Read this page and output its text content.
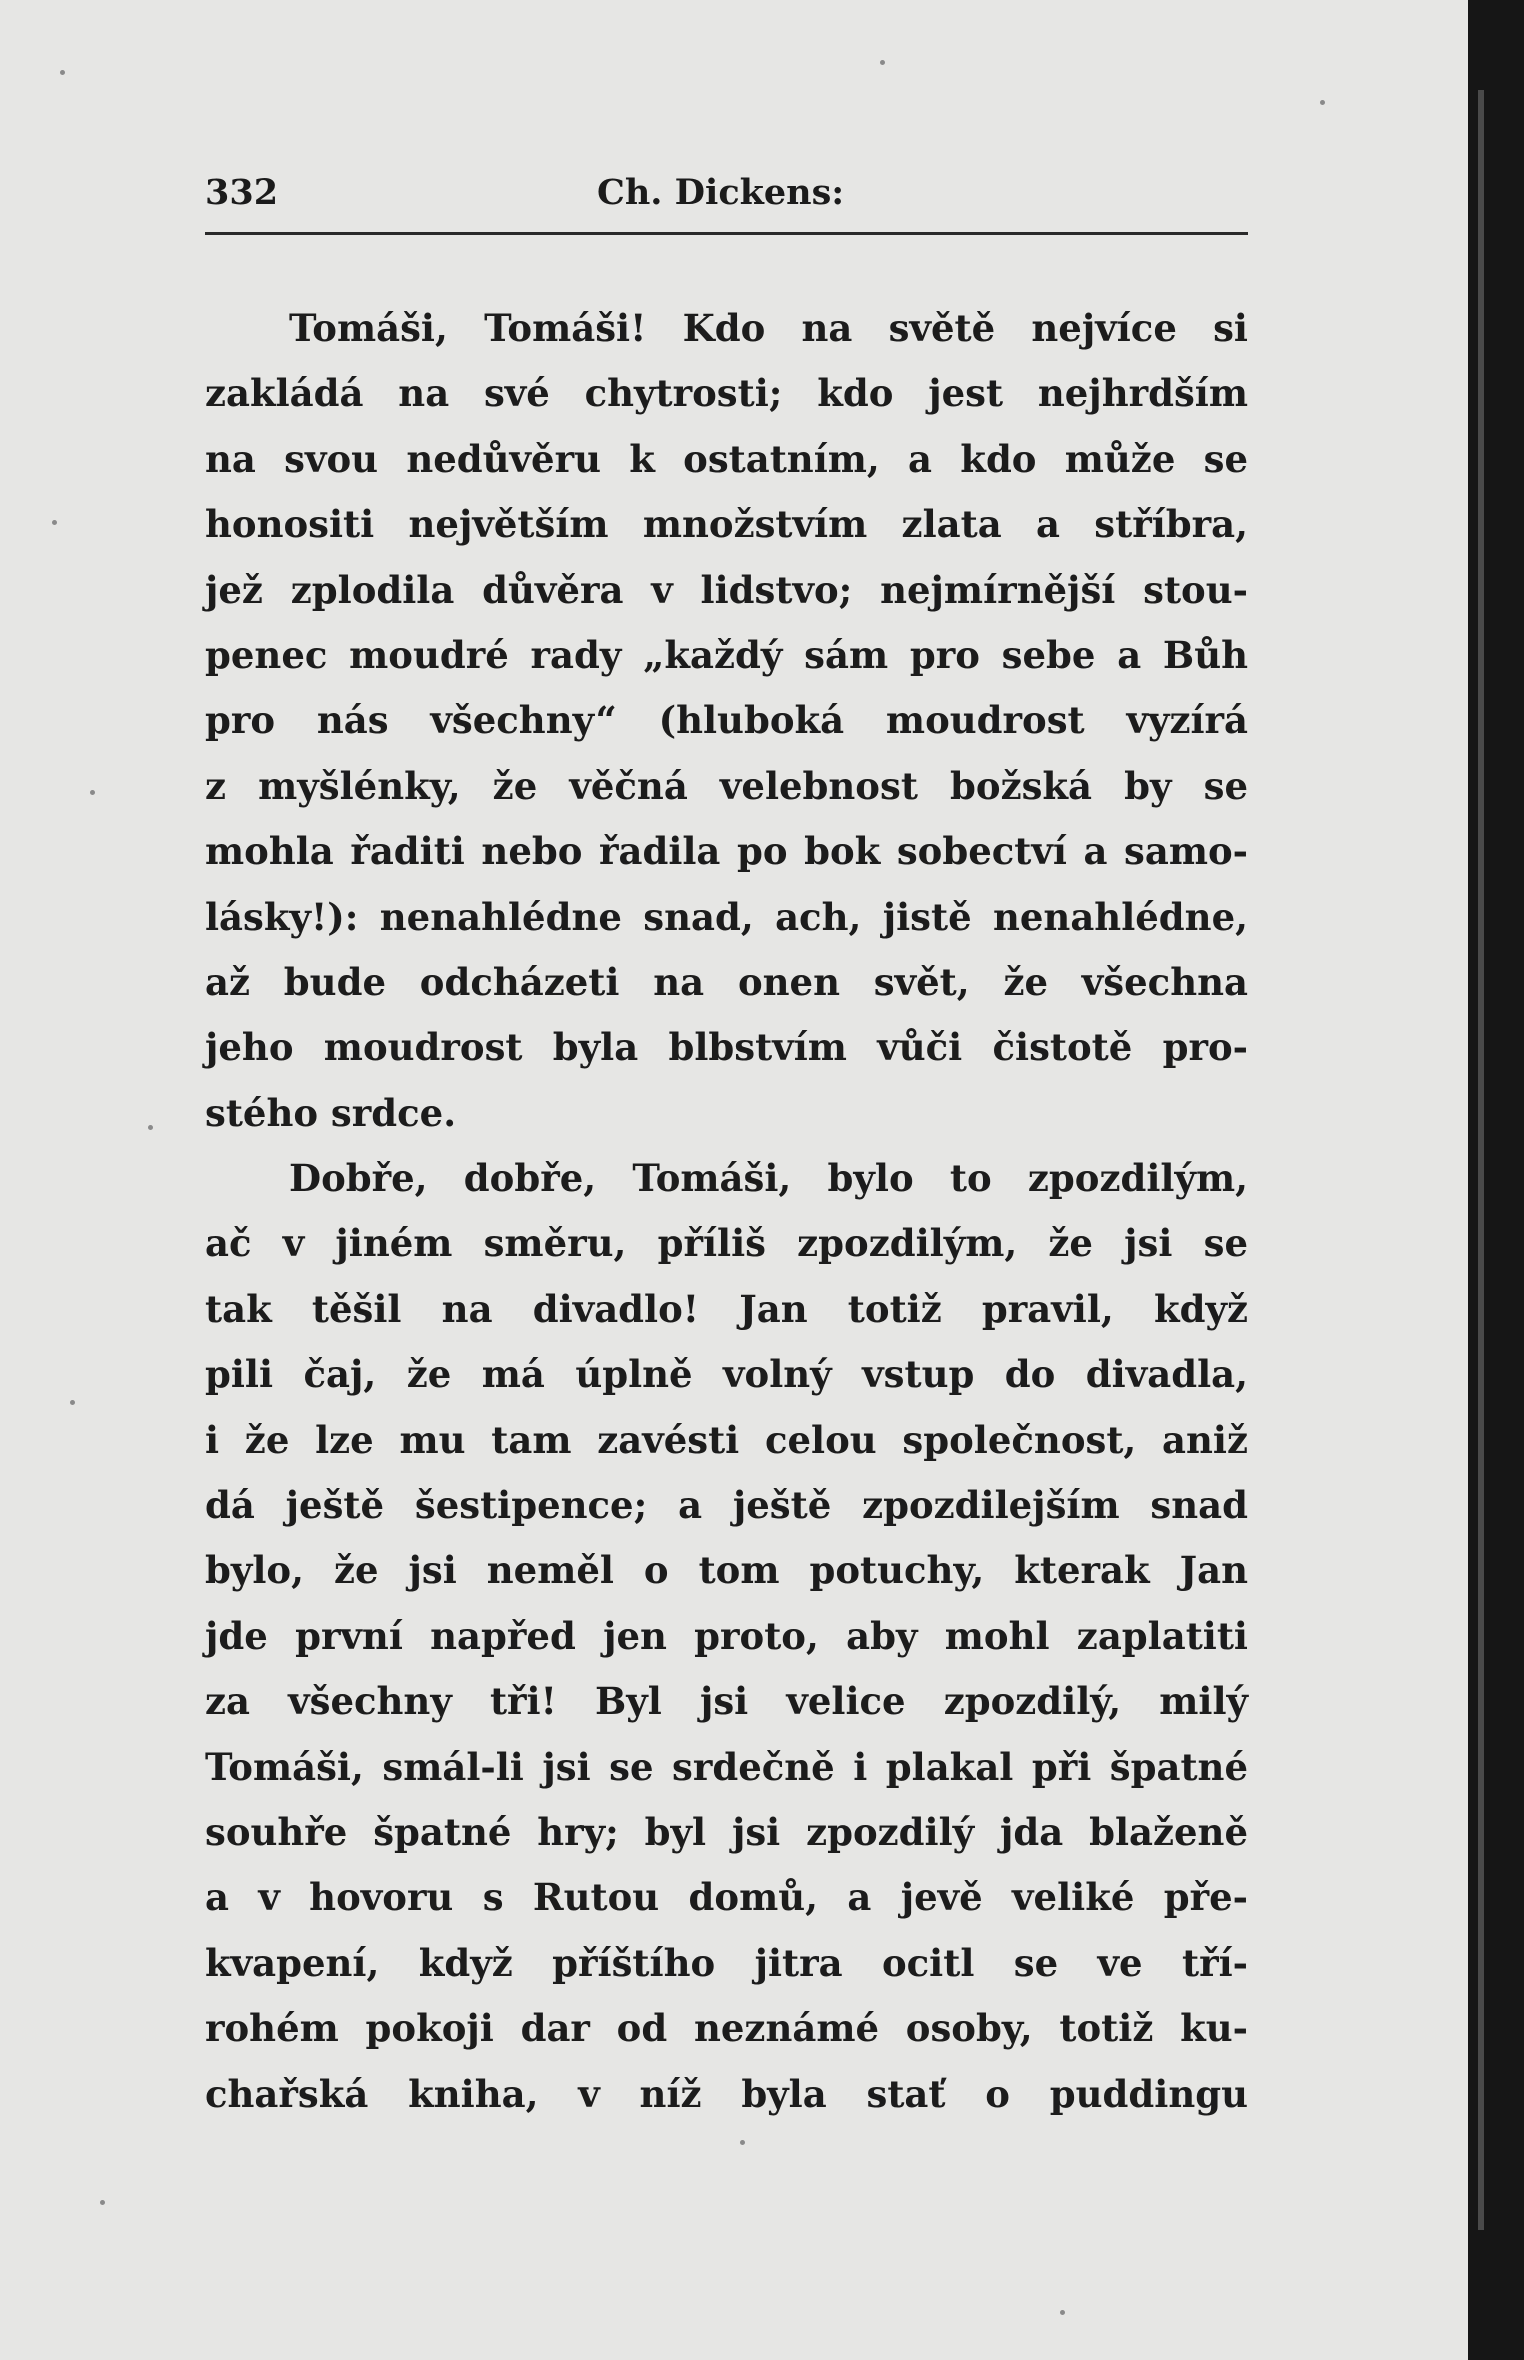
332	Ch. Dickens:
Tomáši, Tomáši! Kdo na světě nejvíce si
zakládá na své chytrosti; kdo jest nejhrdším
na svou nedůvěru k ostatním, a kdo může se
honositi největším množstvím zlata a stříbra,
jež zplodila důvěra v lidstvo; nejmírnější stou-
penec moudré rady „každý sám pro sebe a Bůh
pro nás všechny“ (hluboká moudrost vyzírá
z myšlénky, že věčná velebnost božská by se
mohla řaditi nebo řadila po bok sobectví a samo-
lásky!): nenahlédne snad, ach, jistě nenahlédne,
až bude odcházeti na onen svět, že všechna
jeho moudrost byla blbstvím vůči čistotě pro-
stého srdce.
Dobře, dobře, Tomáši, bylo to zpozdilým,
ač v jiném směru, příliš zpozdilým, že jsi se
tak těšil na divadlo! Jan totiž pravil, když
pili čaj, že má úplně volný vstup do divadla,
i že lze mu tam zavésti celou společnost, aniž
dá ještě šestipence; a ještě zpozdilejším snad
bylo, že jsi neměl o tom potuchy, kterak Jan
jde první napřed jen proto, aby mohl zaplatiti
za všechny tři! Byl jsi velice zpozdilý, milý
Tomáši, smál-li jsi se srdečně i plakal při špatné
souhře špatné hry; byl jsi zpozdilý jda blaženě
a v hovoru s Rutou domů, a jevě veliké pře-
kvapení, když příštího jitra ocitl se ve tří-
rohém pokoji dar od neznámé osoby, totiž ku-
chařská kniha, v níž byla stať o puddingu
